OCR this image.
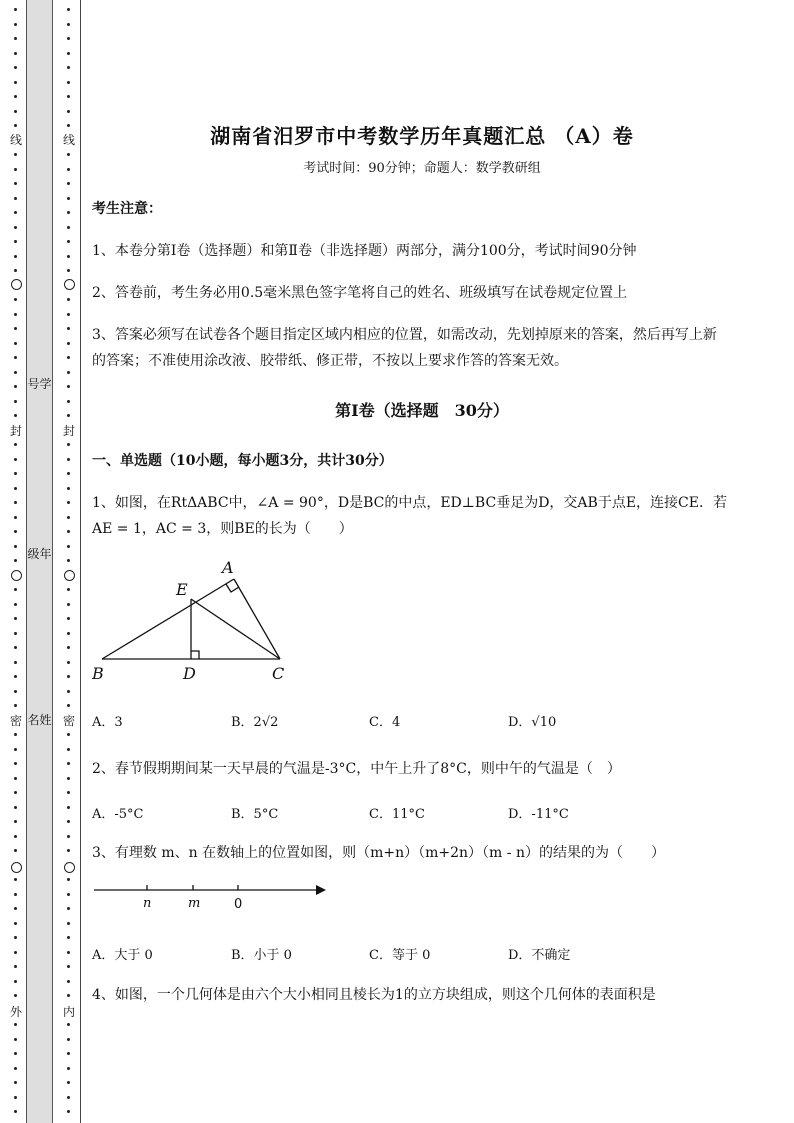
线
封
密
外
号学
级年
名姓
线
封
密
内
湖南省汨罗市中考数学历年真题汇总 （A）卷
考试时间：90分钟；命题人：数学教研组
考生注意：
1、本卷分第Ⅰ卷（选择题）和第Ⅱ卷（非选择题）两部分，满分100分，考试时间90分钟
2、答卷前，考生务必用0.5毫米黑色签字笔将自己的姓名、班级填写在试卷规定位置上
3、答案必须写在试卷各个题目指定区域内相应的位置，如需改动，先划掉原来的答案，然后再写上新
的答案；不准使用涂改液、胶带纸、修正带，不按以上要求作答的答案无效。
第Ⅰ卷（选择题　30分）
一、单选题（10小题，每小题3分，共计30分）
1、如图，在RtΔABC中，∠A = 90°，D是BC的中点，ED⊥BC垂足为D，交AB于点E，连接CE．若
AE = 1，AC = 3，则BE的长为（　　）
A
E
B	D	C
A．3	B．2√2	C．4	D．√10
2、春节假期期间某一天早晨的气温是-3°C，中午上升了8°C，则中午的气温是（　）
A．-5°C	B．5°C	C．11°C	D．-11°C
3、有理数 m、n 在数轴上的位置如图，则（m+n）（m+2n）（m - n）的结果的为（　　）
n	m	0
A．大于 0	B．小于 0	C．等于 0	D．不确定
4、如图，一个几何体是由六个大小相同且棱长为1的立方块组成，则这个几何体的表面积是
